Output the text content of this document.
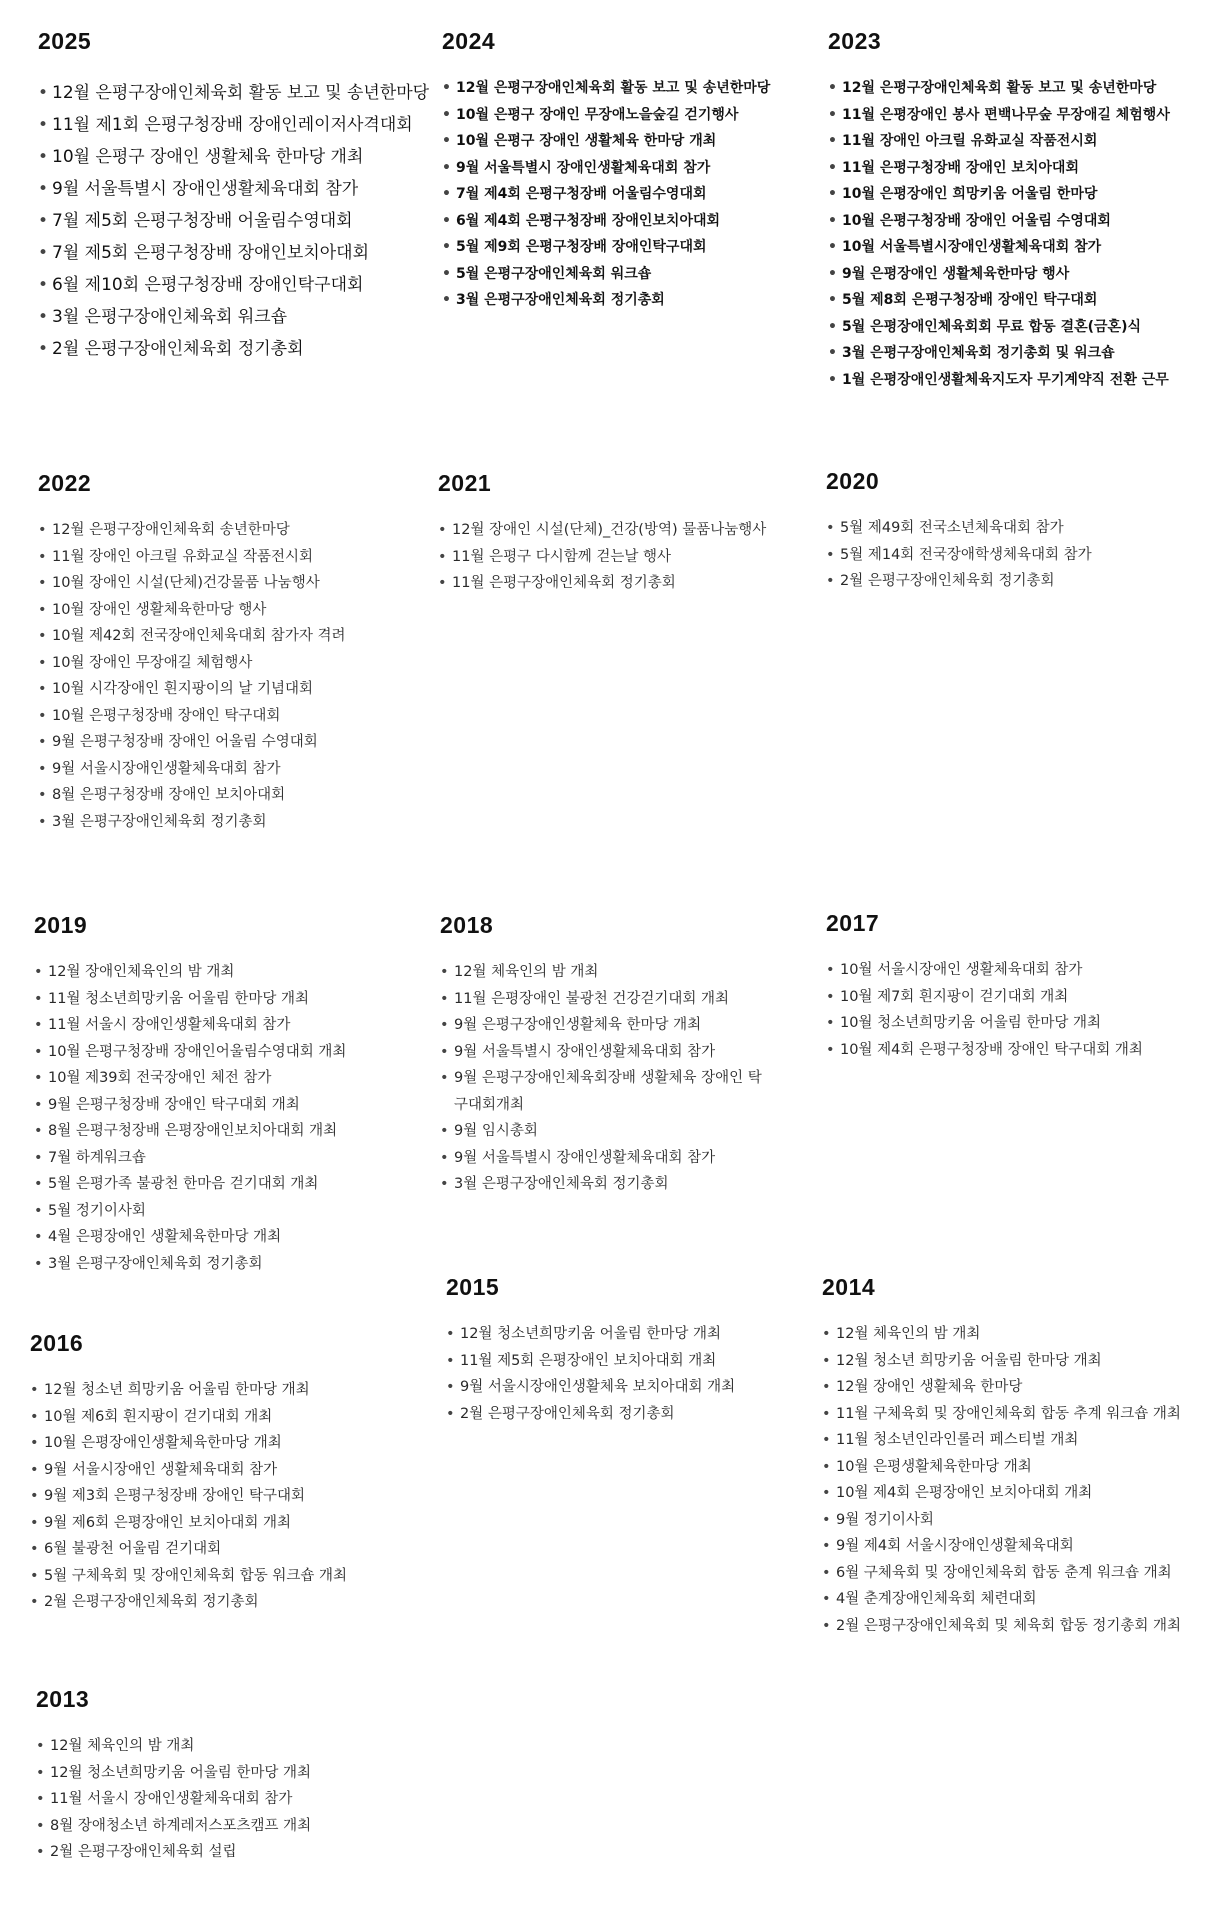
2025
• 12월 은평구장애인체육회 활동 보고 및 송년한마당
• 11월 제1회 은평구청장배 장애인레이저사격대회
• 10월 은평구 장애인 생활체육 한마당 개최
• 9월 서울특별시 장애인생활체육대회 참가
• 7월 제5회 은평구청장배 어울림수영대회
• 7월 제5회 은평구청장배 장애인보치아대회
• 6월 제10회 은평구청장배 장애인탁구대회
• 3월 은평구장애인체육회 워크숍
• 2월 은평구장애인체육회 정기총회
2024
• 12월 은평구장애인체육회 활동 보고 및 송년한마당
• 10월 은평구 장애인 무장애노을숲길 걷기행사
• 10월 은평구 장애인 생활체육 한마당 개최
• 9월 서울특별시 장애인생활체육대회 참가
• 7월 제4회 은평구청장배 어울림수영대회
• 6월 제4회 은평구청장배 장애인보치아대회
• 5월 제9회 은평구청장배 장애인탁구대회
• 5월 은평구장애인체육회 워크숍
• 3월 은평구장애인체육회 정기총회
2023
• 12월 은평구장애인체육회 활동 보고 및 송년한마당
• 11월 은평장애인 봉사 편백나무숲 무장애길 체험행사
• 11월 장애인 아크릴 유화교실 작품전시회
• 11월 은평구청장배 장애인 보치아대회
• 10월 은평장애인 희망키움 어울림 한마당
• 10월 은평구청장배 장애인 어울림 수영대회
• 10월 서울특별시장애인생활체육대회 참가
• 9월 은평장애인 생활체육한마당 행사
• 5월 제8회 은평구청장배 장애인 탁구대회
• 5월 은평장애인체육회회 무료 합동 결혼(금혼)식
• 3월 은평구장애인체육회 정기총회 및 워크숍
• 1월 은평장애인생활체육지도자 무기계약직 전환 근무
2022
• 12월 은평구장애인체육회 송년한마당
• 11월 장애인 아크릴 유화교실 작품전시회
• 10월 장애인 시설(단체)건강물품 나눔행사
• 10월 장애인 생활체육한마당 행사
• 10월 제42회 전국장애인체육대회 참가자 격려
• 10월 장애인 무장애길 체험행사
• 10월 시각장애인 흰지팡이의 날 기념대회
• 10월 은평구청장배 장애인 탁구대회
• 9월 은평구청장배 장애인 어울림 수영대회
• 9월 서울시장애인생활체육대회 참가
• 8월 은평구청장배 장애인 보치아대회
• 3월 은평구장애인체육회 정기총회
2021
• 12월 장애인 시설(단체)_건강(방역) 물품나눔행사
• 11월 은평구 다시함께 걷는날 행사
• 11월 은평구장애인체육회 정기총회
2020
• 5월 제49회 전국소년체육대회 참가
• 5월 제14회 전국장애학생체육대회 참가
• 2월 은평구장애인체육회 정기총회
2019
• 12월 장애인체육인의 밤 개최
• 11월 청소년희망키움 어울림 한마당 개최
• 11월 서울시 장애인생활체육대회 참가
• 10월 은평구청장배 장애인어울림수영대회 개최
• 10월 제39회 전국장애인 체전 참가
• 9월 은평구청장배 장애인 탁구대회 개최
• 8월 은평구청장배 은평장애인보치아대회 개최
• 7월 하계워크숍
• 5월 은평가족 불광천 한마음 걷기대회 개최
• 5월 정기이사회
• 4월 은평장애인 생활체육한마당 개최
• 3월 은평구장애인체육회 정기총회
2018
• 12월 체육인의 밤 개최
• 11월 은평장애인 불광천 건강걷기대회 개최
• 9월 은평구장애인생활체육 한마당 개최
• 9월 서울특별시 장애인생활체육대회 참가
• 9월 은평구장애인체육회장배 생활체육 장애인 탁구대회개최
• 9월 임시총회
• 9월 서울특별시 장애인생활체육대회 참가
• 3월 은평구장애인체육회 정기총회
2017
• 10월 서울시장애인 생활체육대회 참가
• 10월 제7회 흰지팡이 걷기대회 개최
• 10월 청소년희망키움 어울림 한마당 개최
• 10월 제4회 은평구청장배 장애인 탁구대회 개최
2016
• 12월 청소년 희망키움 어울림 한마당 개최
• 10월 제6회 흰지팡이 걷기대회 개최
• 10월 은평장애인생활체육한마당 개최
• 9월 서울시장애인 생활체육대회 참가
• 9월 제3회 은평구청장배 장애인 탁구대회
• 9월 제6회 은평장애인 보치아대회 개최
• 6월 불광천 어울림 걷기대회
• 5월 구체육회 및 장애인체육회 합동 워크숍 개최
• 2월 은평구장애인체육회 정기총회
2015
• 12월 청소년희망키움 어울림 한마당 개최
• 11월 제5회 은평장애인 보치아대회 개최
• 9월 서울시장애인생활체육 보치아대회 개최
• 2월 은평구장애인체육회 정기총회
2014
• 12월 체육인의 밤 개최
• 12월 청소년 희망키움 어울림 한마당 개최
• 12월 장애인 생활체육 한마당
• 11월 구체육회 및 장애인체육회 합동 추계 워크숍 개최
• 11월 청소년인라인롤러 페스티벌 개최
• 10월 은평생활체육한마당 개최
• 10월 제4회 은평장애인 보치아대회 개최
• 9월 정기이사회
• 9월 제4회 서울시장애인생활체육대회
• 6월 구체육회 및 장애인체육회 합동 춘계 워크숍 개최
• 4월 춘계장애인체육회 체련대회
• 2월 은평구장애인체육회 및 체육회 합동 정기총회 개최
2013
• 12월 체육인의 밤 개최
• 12월 청소년희망키움 어울림 한마당 개최
• 11월 서울시 장애인생활체육대회 참가
• 8월 장애청소년 하계레저스포츠캠프 개최
• 2월 은평구장애인체육회 설립
